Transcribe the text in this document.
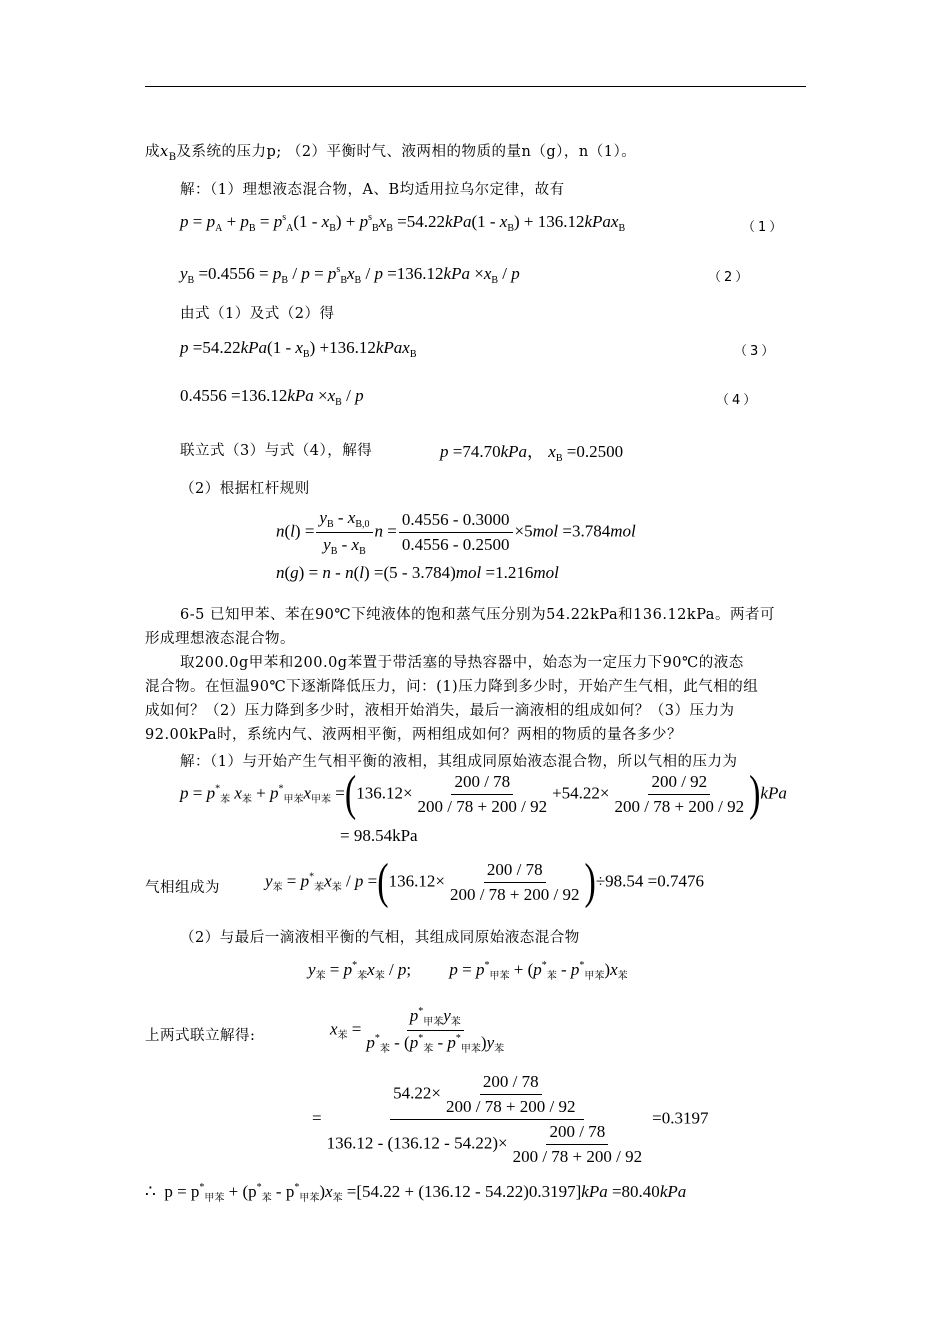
成$x_B$及系统的压力p; （2）平衡时气、液两相的物质的量n（g），n（1）。
解：（1）理想液态混合物，A、B均适用拉乌尔定律，故有
$p = p_A + p_B = p^s_A(1 - x_B) + p^s_Bx_B =54.22kPa(1 - x_B)$ + 136.12kPax$_B$	（1）
$y_B =0.4556 = p_B / p = p^s_Bx_B / p =136.12kPa \times x_B / p$	（2）
由式（1）及式（2）得
$p =54.22kPa(1 - x_B)$ +136.12kPax$_B$	（3）
$0.4556 =136.12kPa \times x_B / p$	（4）
联立式（3）与式（4），解得	p =74.70kPa， $x_B =0.2500$
（2）根据杠杆规则
$n(l) = \frac{y_B - x_{B,0}}{y_B - x_B}$ $n = \frac{0.4556 - 0.3000}{0.4556 - 0.2500} \times 5mol =3.784mol$
n(g) = n - n(l) =(5 - 3.784)mol =1.216mol
6-5 已知甲苯、苯在90℃下纯液体的饱和蒸气压分别为54.22kPa和136.12kPa。两者可
形成理想液态混合物。
取200.0g甲苯和200.0g苯置于带活塞的导热容器中，始态为一定压力下90℃的液态
混合物。在恒温90℃下逐渐降低压力，问：(1)压力降到多少时，开始产生气相，此气相的组
成如何？（2）压力降到多少时，液相开始消失，最后一滴液相的组成如何？（3）压力为
92.00kPa时，系统内气、液两相平衡，两相组成如何？两相的物质的量各多少？
解：（1）与开始产生气相平衡的液相，其组成同原始液态混合物，所以气相的压力为
$p = p^*_苯$ $x_苯 + p^*_{甲苯}x_{甲苯} =(136.12\times \frac{200 / 78}{200 / 78 + 200 / 92} +54.22\times \frac{200 / 92}{200 / 78 + 200 / 92} )kPa$
= 98.54kPa
气相组成为	$y_苯 = p^*_苯x_苯 / p =(136.12\times \frac{200 / 78}{200 / 78 + 200 / 92} )\div 98.54 =0.7476$
（2）与最后一滴液相平衡的气相，其组成同原始液态混合物
$y_苯 = p^*_苯x_苯 / p$;         $p = p^*_{甲苯} + (p^*_苯 - p^*_{甲苯})x_苯$
上两式联立解得:	$x_苯 = \frac{p^*_{甲苯}y_苯}{p^*_苯 - (p^*_苯 - p^*_{甲苯})y_苯}$
= $\frac{54.22\times \frac{200 / 78}{200 / 78 + 200 / 92}}{136.12 - (136.12 - 54.22)\times \frac{200 / 78}{200 / 78 + 200 / 92}} =0.3197$
∴  $p = p^*_{甲苯} + (p^*_苯 - p^*_{甲苯})x_苯 =[54.22 + (136.12 - 54.22)0.3197]kPa =80.40kPa$
